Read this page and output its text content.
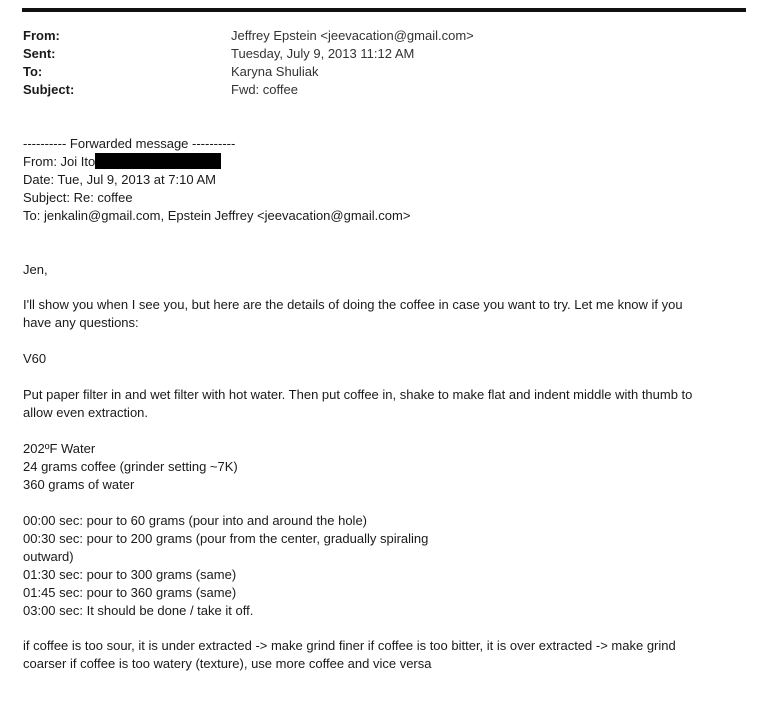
From:	Jeffrey Epstein <jeevacation@gmail.com>
Sent:	Tuesday, July 9, 2013 11:12 AM
To:	Karyna Shuliak
Subject:	Fwd: coffee
---------- Forwarded message ----------
From: Joi Ito
Date: Tue, Jul 9, 2013 at 7:10 AM
Subject: Re: coffee
To: jenkalin@gmail.com, Epstein Jeffrey <jeevacation@gmail.com>
Jen,
I'll show you when I see you, but here are the details of doing the coffee in case you want to try. Let me know if you
have any questions:
V60
Put paper filter in and wet filter with hot water. Then put coffee in, shake to make flat and indent middle with thumb to
allow even extraction.
202ºF Water
24 grams coffee (grinder setting ~7K)
360 grams of water
00:00 sec: pour to 60 grams (pour into and around the hole)
00:30 sec: pour to 200 grams (pour from the center, gradually spiraling
outward)
01:30 sec: pour to 300 grams (same)
01:45 sec: pour to 360 grams (same)
03:00 sec: It should be done / take it off.
if coffee is too sour, it is under extracted -> make grind finer if coffee is too bitter, it is over extracted -> make grind
coarser if coffee is too watery (texture), use more coffee and vice versa
